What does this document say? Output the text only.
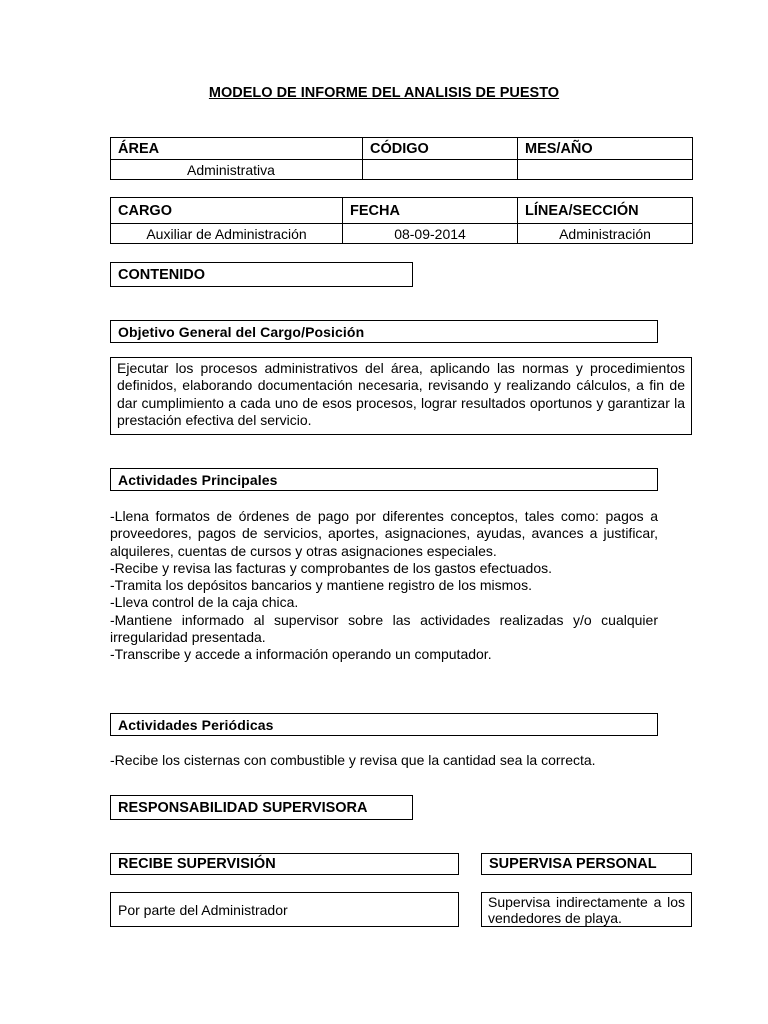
MODELO DE INFORME DEL ANALISIS DE PUESTO
ÁREA	CÓDIGO	MES/AÑO
Administrativa		
CARGO	FECHA	LÍNEA/SECCIÓN
Auxiliar de Administración	08-09-2014	Administración
CONTENIDO
Objetivo General del Cargo/Posición
Ejecutar los procesos administrativos del área, aplicando las normas y procedimientos definidos, elaborando documentación necesaria, revisando y realizando cálculos, a fin de dar cumplimiento a cada uno de esos procesos, lograr resultados oportunos y garantizar la prestación efectiva del servicio.
Actividades Principales

-Llena formatos de órdenes de pago por diferentes conceptos, tales como: pagos a proveedores, pagos de servicios, aportes, asignaciones, ayudas, avances a justificar, alquileres, cuentas de cursos y otras asignaciones especiales.

-Recibe y revisa las facturas y comprobantes de los gastos efectuados.

-Tramita los depósitos bancarios y mantiene registro de los mismos.

-Lleva control de la caja chica.

-Mantiene informado al supervisor sobre las actividades realizadas y/o cualquier irregularidad presentada.

-Transcribe y accede a información operando un computador.

Actividades Periódicas
-Recibe los cisternas con combustible y revisa que la cantidad sea la correcta.
RESPONSABILIDAD SUPERVISORA
RECIBE SUPERVISIÓN	SUPERVISA PERSONAL
Por parte del Administrador	Supervisa indirectamente a los vendedores de playa.
